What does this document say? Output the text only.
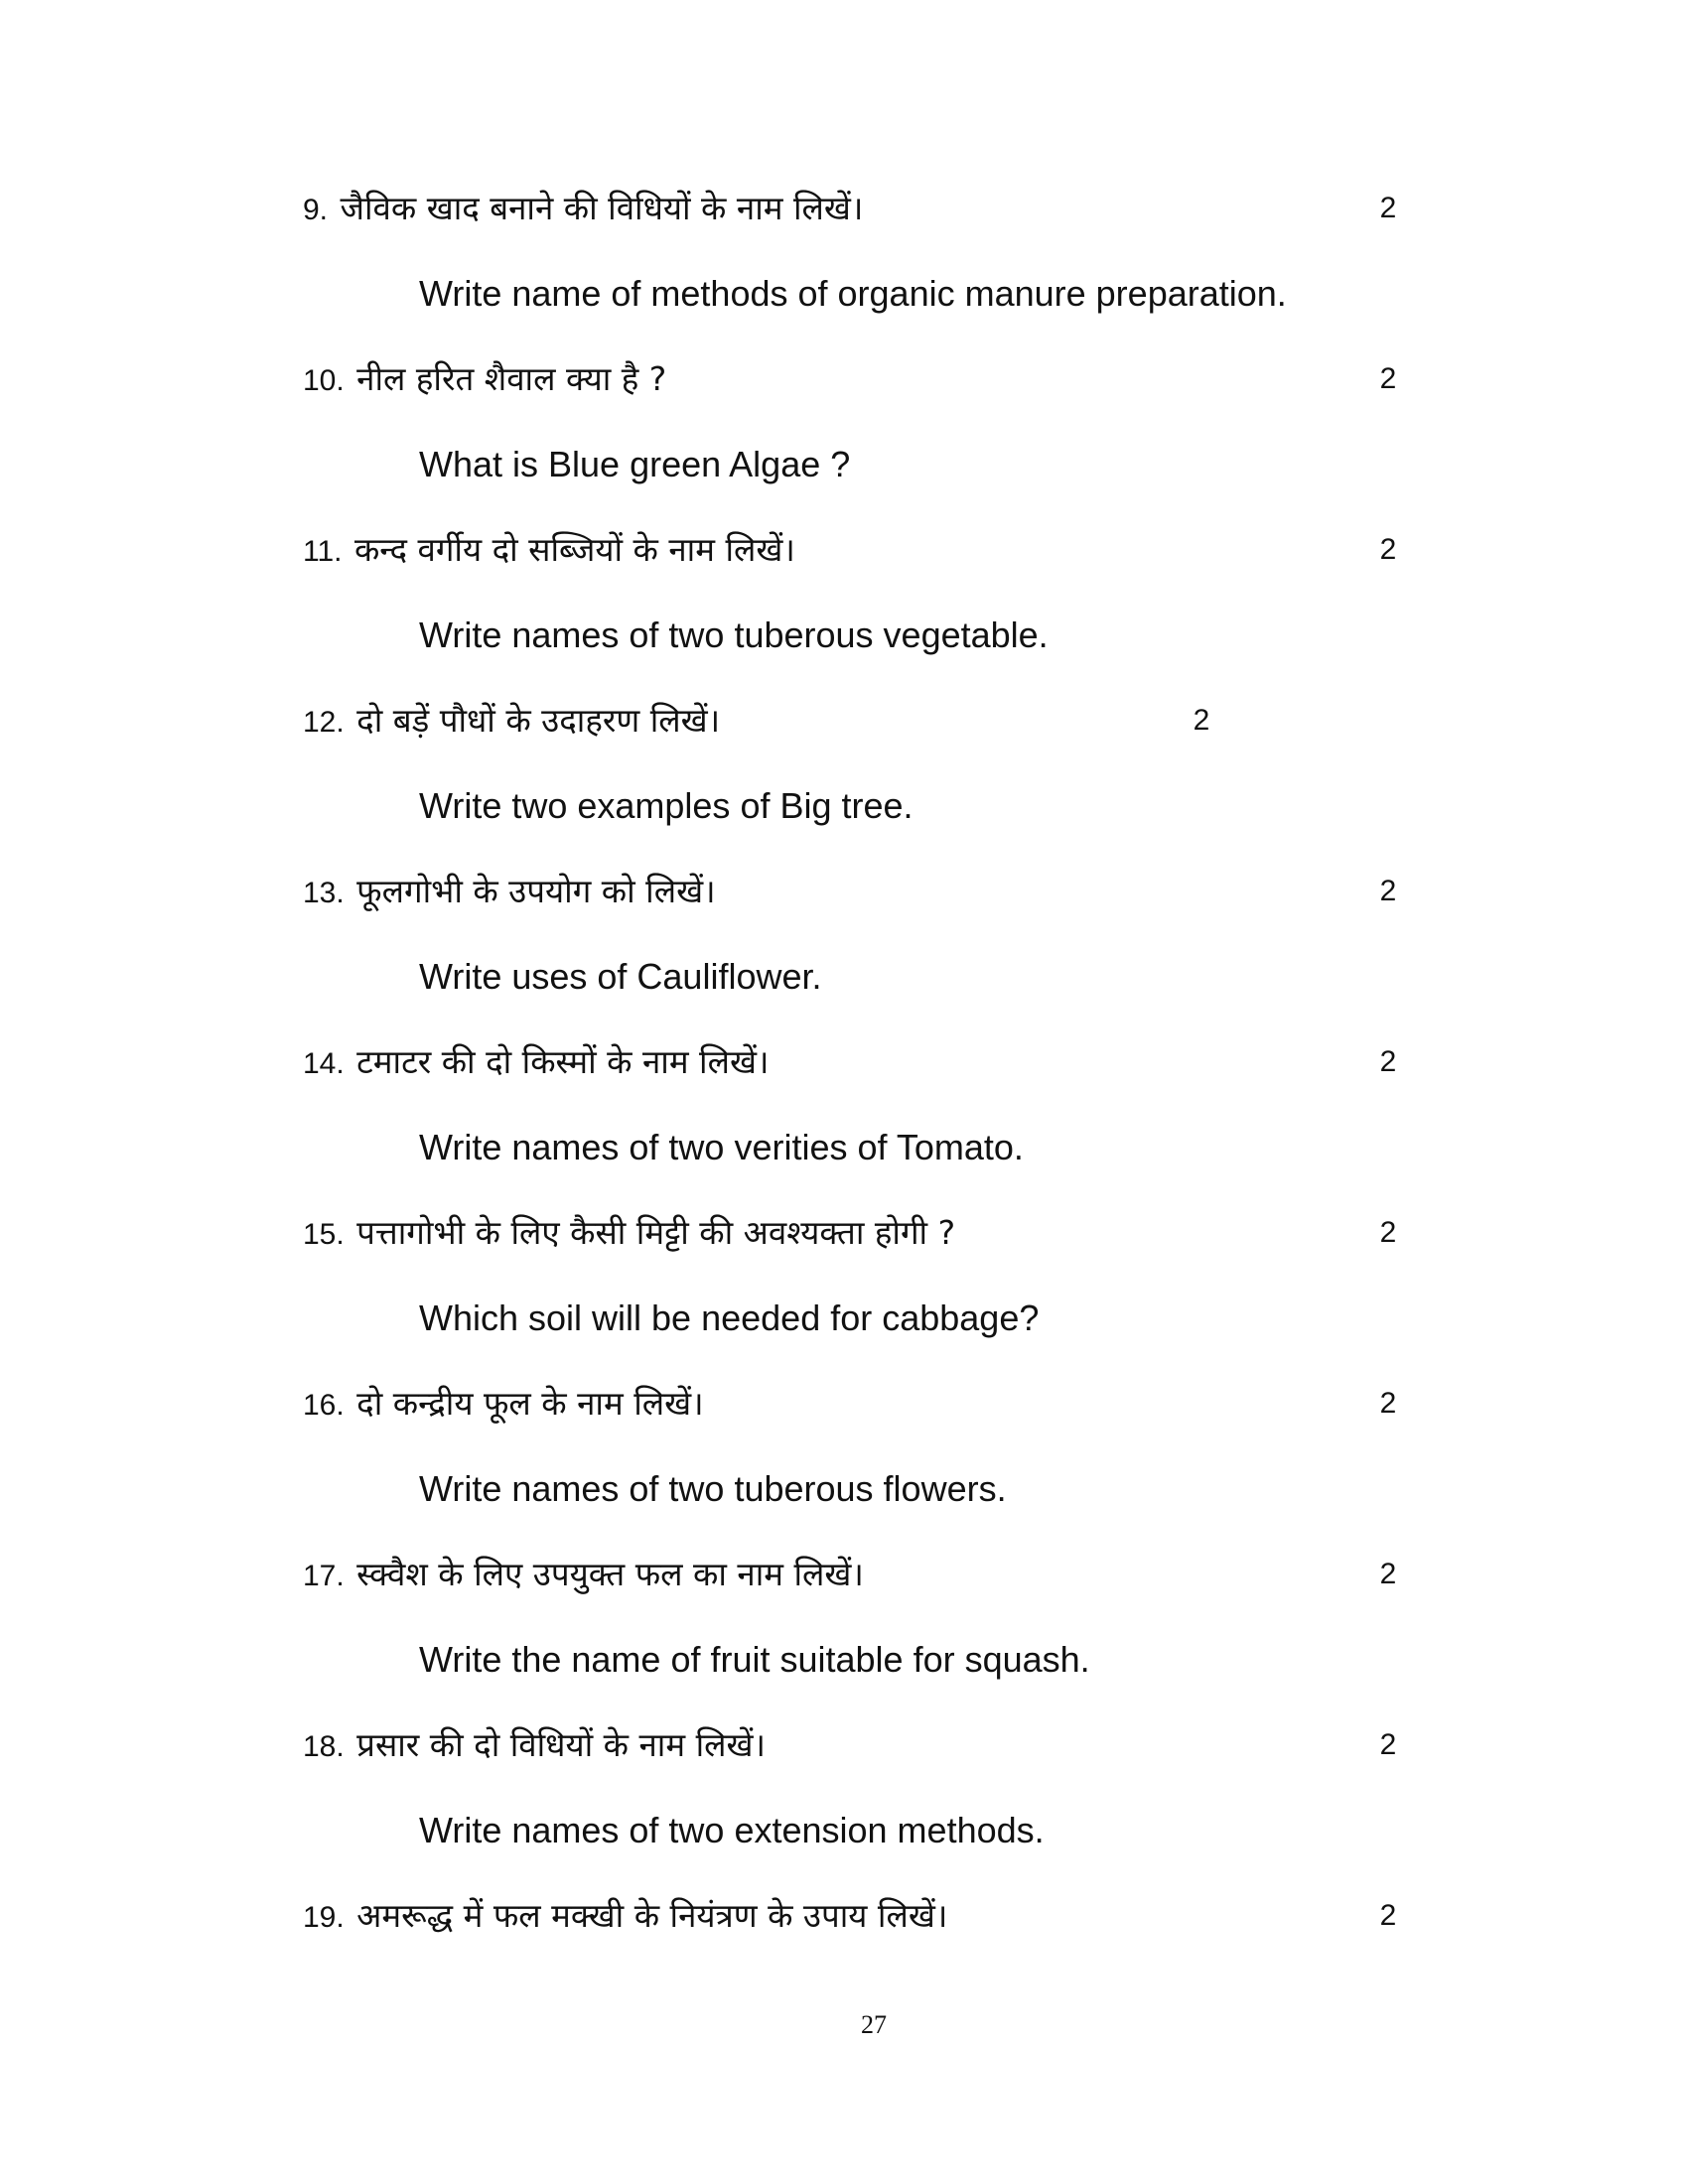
9. जैविक खाद बनाने की विधियों के नाम लिखें।	2
Write name of methods of organic manure preparation.
10. नील हरित शैवाल क्या है ?	2
What is Blue green Algae ?
11. कन्द वर्गीय दो सब्जियों के नाम लिखें।	2
Write names of two tuberous vegetable.
12. दो बड़ें पौधों के उदाहरण लिखें।	2
Write two examples of Big tree.
13. फूलगोभी के उपयोग को लिखें।	2
Write uses of Cauliflower.
14. टमाटर की दो किस्मों के नाम लिखें।	2
Write names of two verities of Tomato.
15. पत्तागोभी के लिए कैसी मिट्टी की अवश्यक्ता होगी ?	2
Which soil will be needed for cabbage?
16. दो कन्द्रीय फूल के नाम लिखें।	2
Write names of two tuberous flowers.
17. स्क्वैश के लिए उपयुक्त फल का नाम लिखें।	2
Write the name of fruit suitable for squash.
18. प्रसार की दो विधियों के नाम लिखें।	2
Write names of two extension methods.
19. अमरूद्ध में फल मक्खी के नियंत्रण के उपाय लिखें।	2
27
